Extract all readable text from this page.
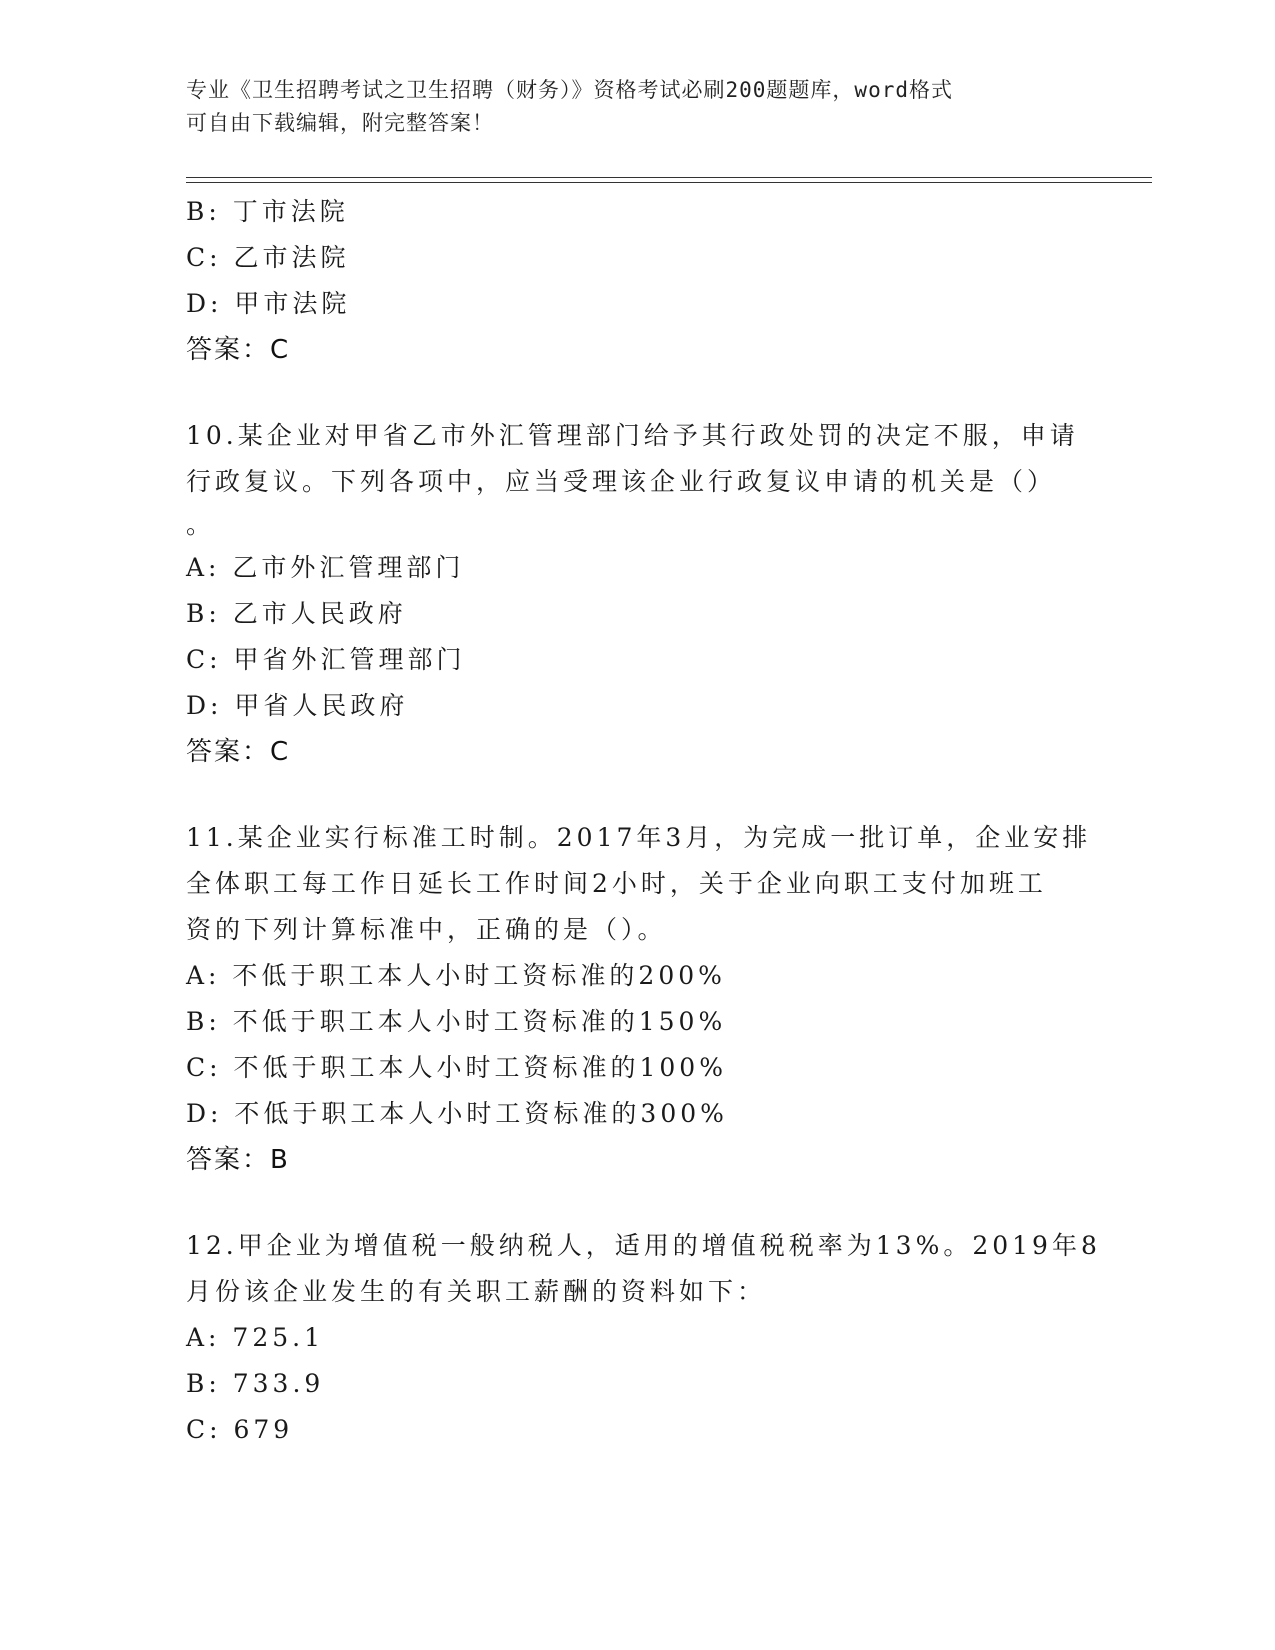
专业《卫生招聘考试之卫生招聘（财务）》资格考试必刷200题题库，word格式
可自由下载编辑，附完整答案！
B: 丁市法院
C: 乙市法院
D: 甲市法院
答案：C
10.某企业对甲省乙市外汇管理部门给予其行政处罚的决定不服，申请
行政复议。下列各项中，应当受理该企业行政复议申请的机关是（）
。
A: 乙市外汇管理部门
B: 乙市人民政府
C: 甲省外汇管理部门
D: 甲省人民政府
答案：C
11.某企业实行标准工时制。2017年3月，为完成一批订单，企业安排
全体职工每工作日延长工作时间2小时，关于企业向职工支付加班工
资的下列计算标准中，正确的是（）。
A: 不低于职工本人小时工资标准的200%
B: 不低于职工本人小时工资标准的150%
C: 不低于职工本人小时工资标准的100%
D: 不低于职工本人小时工资标准的300%
答案：B
12.甲企业为增值税一般纳税人，适用的增值税税率为13%。2019年8
月份该企业发生的有关职工薪酬的资料如下：
A: 725.1
B: 733.9
C: 679
